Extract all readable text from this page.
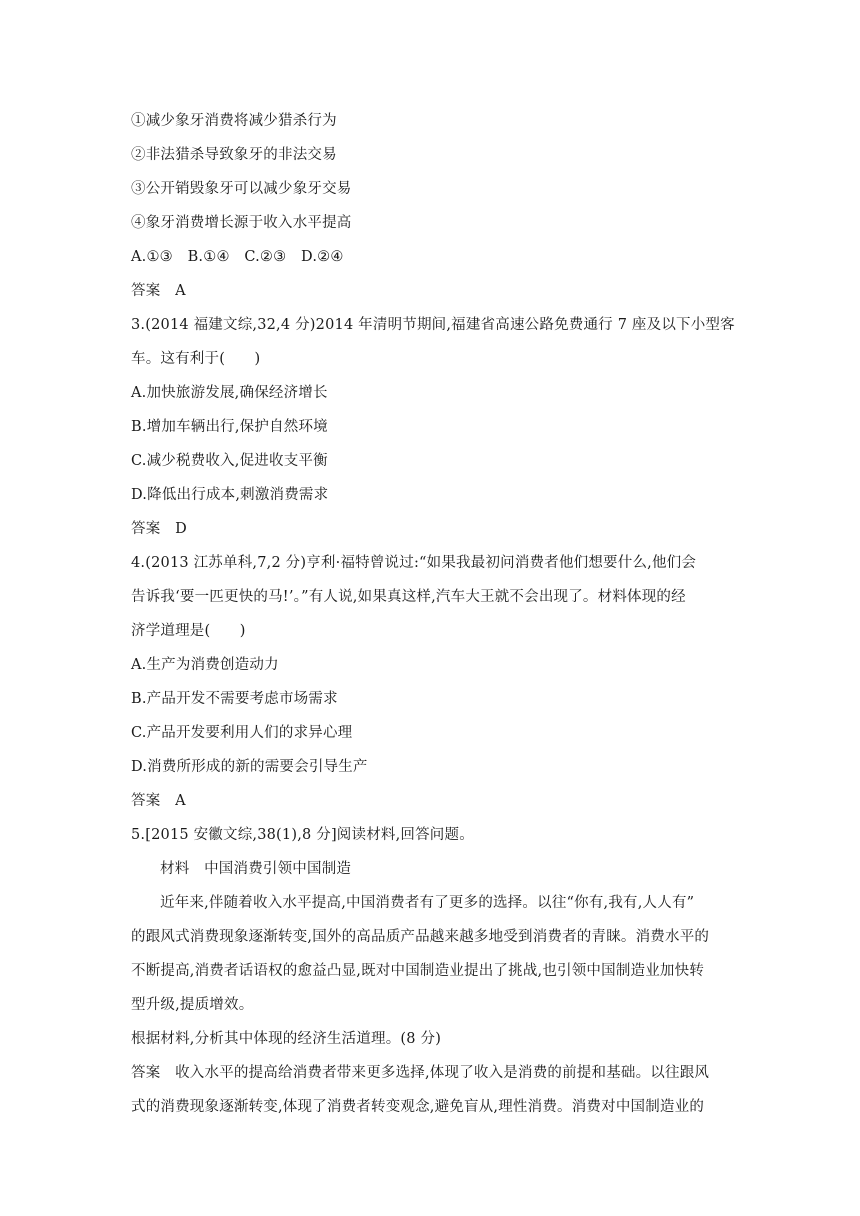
①减少象牙消费将减少猎杀行为
②非法猎杀导致象牙的非法交易
③公开销毁象牙可以减少象牙交易
④象牙消费增长源于收入水平提高
A.①③　B.①④　C.②③　D.②④
答案　A
3.(2014 福建文综,32,4 分)2014 年清明节期间,福建省高速公路免费通行 7 座及以下小型客
车。这有利于(　　)
A.加快旅游发展,确保经济增长
B.增加车辆出行,保护自然环境
C.减少税费收入,促进收支平衡
D.降低出行成本,刺激消费需求
答案　D
4.(2013 江苏单科,7,2 分)亨利·福特曾说过:“如果我最初问消费者他们想要什么,他们会
告诉我‘要一匹更快的马!’。”有人说,如果真这样,汽车大王就不会出现了。材料体现的经
济学道理是(　　)
A.生产为消费创造动力
B.产品开发不需要考虑市场需求
C.产品开发要利用人们的求异心理
D.消费所形成的新的需要会引导生产
答案　A
5.[2015 安徽文综,38(1),8 分]阅读材料,回答问题。
材料　中国消费引领中国制造
近年来,伴随着收入水平提高,中国消费者有了更多的选择。以往“你有,我有,人人有”
的跟风式消费现象逐渐转变,国外的高品质产品越来越多地受到消费者的青睐。消费水平的
不断提高,消费者话语权的愈益凸显,既对中国制造业提出了挑战,也引领中国制造业加快转
型升级,提质增效。
根据材料,分析其中体现的经济生活道理。(8 分)
答案　收入水平的提高给消费者带来更多选择,体现了收入是消费的前提和基础。以往跟风
式的消费现象逐渐转变,体现了消费者转变观念,避免盲从,理性消费。消费对中国制造业的
